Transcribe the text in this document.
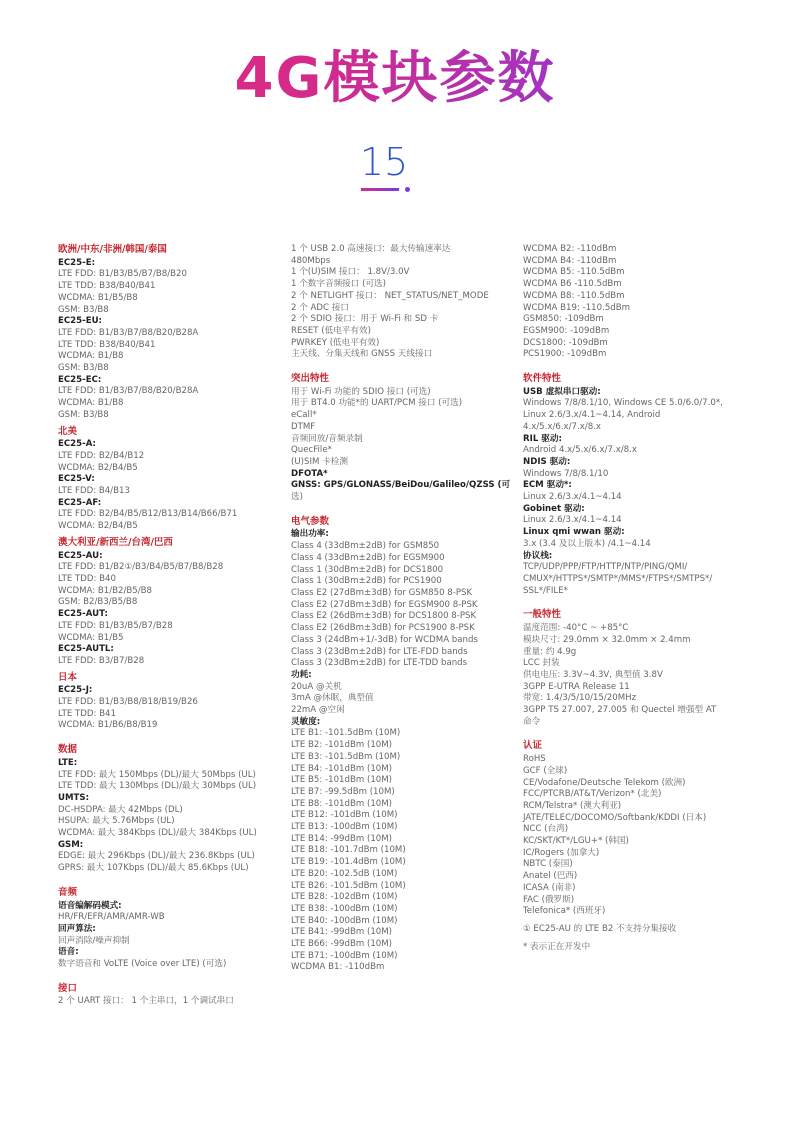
4G模块参数
15
欧洲/中东/非洲/韩国/泰国
EC25-E:
LTE FDD: B1/B3/B5/B7/B8/B20
LTE TDD: B38/B40/B41
WCDMA: B1/B5/B8
GSM: B3/B8
EC25-EU:
LTE FDD: B1/B3/B7/B8/B20/B28A
LTE TDD: B38/B40/B41
WCDMA: B1/B8
GSM: B3/B8
EC25-EC:
LTE FDD: B1/B3/B7/B8/B20/B28A
WCDMA: B1/B8
GSM: B3/B8
北美
EC25-A:
LTE FDD: B2/B4/B12
WCDMA: B2/B4/B5
EC25-V:
LTE FDD: B4/B13
EC25-AF:
LTE FDD: B2/B4/B5/B12/B13/B14/B66/B71
WCDMA: B2/B4/B5
澳大利亚/新西兰/台湾/巴西
EC25-AU:
LTE FDD: B1/B2①/B3/B4/B5/B7/B8/B28
LTE TDD: B40
WCDMA: B1/B2/B5/B8
GSM: B2/B3/B5/B8
EC25-AUT:
LTE FDD: B1/B3/B5/B7/B28
WCDMA: B1/B5
EC25-AUTL:
LTE FDD: B3/B7/B28
日本
EC25-J:
LTE FDD: B1/B3/B8/B18/B19/B26
LTE TDD: B41
WCDMA: B1/B6/B8/B19
数据
LTE:
LTE FDD: 最大 150Mbps (DL)/最大 50Mbps (UL)
LTE TDD: 最大 130Mbps (DL)/最大 30Mbps (UL)
UMTS:
DC-HSDPA: 最大 42Mbps (DL)
HSUPA: 最大 5.76Mbps (UL)
WCDMA: 最大 384Kbps (DL)/最大 384Kbps (UL)
GSM:
EDGE: 最大 296Kbps (DL)/最大 236.8Kbps (UL)
GPRS: 最大 107Kbps (DL)/最大 85.6Kbps (UL)
音频
语音编解码模式:
HR/FR/EFR/AMR/AMR-WB
回声算法:
回声消除/噪声抑制
语音:
数字语音和 VoLTE (Voice over LTE) (可选)
接口
2 个 UART 接口： 1 个主串口，1 个调试串口
1 个 USB 2.0 高速接口：最大传输速率达
480Mbps
1 个(U)SIM 接口： 1.8V/3.0V
1 个数字音频接口 (可选)
2 个 NETLIGHT 接口： NET_STATUS/NET_MODE
2 个 ADC 接口
2 个 SDIO 接口：用于 Wi-Fi 和 SD 卡
RESET (低电平有效)
PWRKEY (低电平有效)
主天线、分集天线和 GNSS 天线接口
突出特性
用于 Wi-Fi 功能的 SDIO 接口 (可选)
用于 BT4.0 功能*的 UART/PCM 接口 (可选)
eCall*
DTMF
音频回放/音频录制
QuecFile*
(U)SIM 卡检测
DFOTA*
GNSS: GPS/GLONASS/BeiDou/Galileo/QZSS (可
选)
电气参数
输出功率:
Class 4 (33dBm±2dB) for GSM850
Class 4 (33dBm±2dB) for EGSM900
Class 1 (30dBm±2dB) for DCS1800
Class 1 (30dBm±2dB) for PCS1900
Class E2 (27dBm±3dB) for GSM850 8-PSK
Class E2 (27dBm±3dB) for EGSM900 8-PSK
Class E2 (26dBm±3dB) for DCS1800 8-PSK
Class E2 (26dBm±3dB) for PCS1900 8-PSK
Class 3 (24dBm+1/-3dB) for WCDMA bands
Class 3 (23dBm±2dB) for LTE-FDD bands
Class 3 (23dBm±2dB) for LTE-TDD bands
功耗:
20uA @关机
3mA @休眠，典型值
22mA @空闲
灵敏度:
LTE B1: -101.5dBm (10M)
LTE B2: -101dBm (10M)
LTE B3: -101.5dBm (10M)
LTE B4: -101dBm (10M)
LTE B5: -101dBm (10M)
LTE B7: -99.5dBm (10M)
LTE B8: -101dBm (10M)
LTE B12: -101dBm (10M)
LTE B13: -100dBm (10M)
LTE B14: -99dBm (10M)
LTE B18: -101.7dBm (10M)
LTE B19: -101.4dBm (10M)
LTE B20: -102.5dB (10M)
LTE B26: -101.5dBm (10M)
LTE B28: -102dBm (10M)
LTE B38: -100dBm (10M)
LTE B40: -100dBm (10M)
LTE B41: -99dBm (10M)
LTE B66: -99dBm (10M)
LTE B71: -100dBm (10M)
WCDMA B1: -110dBm
WCDMA B2: -110dBm
WCDMA B4: -110dBm
WCDMA B5: -110.5dBm
WCDMA B6 -110.5dBm
WCDMA B8: -110.5dBm
WCDMA B19: -110.5dBm
GSM850: -109dBm
EGSM900: -109dBm
DCS1800: -109dBm
PCS1900: -109dBm
软件特性
USB 虚拟串口驱动:
Windows 7/8/8.1/10, Windows CE 5.0/6.0/7.0*,
Linux 2.6/3.x/4.1~4.14, Android
4.x/5.x/6.x/7.x/8.x
RIL 驱动:
Android 4.x/5.x/6.x/7.x/8.x
NDIS 驱动:
Windows 7/8/8.1/10
ECM 驱动*:
Linux 2.6/3.x/4.1~4.14
Gobinet 驱动:
Linux 2.6/3.x/4.1~4.14
Linux qmi wwan 驱动:
3.x (3.4 及以上版本) /4.1~4.14
协议栈:
TCP/UDP/PPP/FTP/HTTP/NTP/PING/QMI/
CMUX*/HTTPS*/SMTP*/MMS*/FTPS*/SMTPS*/
SSL*/FILE*
一般特性
温度范围: -40°C ~ +85°C
模块尺寸: 29.0mm × 32.0mm × 2.4mm
重量: 约 4.9g
LCC 封装
供电电压: 3.3V~4.3V, 典型值 3.8V
3GPP E-UTRA Release 11
带宽: 1.4/3/5/10/15/20MHz
3GPP TS 27.007, 27.005 和 Quectel 增强型 AT
命令
认证
RoHS
GCF (全球)
CE/Vodafone/Deutsche Telekom (欧洲)
FCC/PTCRB/AT&T/Verizon* (北美)
RCM/Telstra* (澳大利亚)
JATE/TELEC/DOCOMO/Softbank/KDDI (日本)
NCC (台湾)
KC/SKT/KT*/LGU+* (韩国)
IC/Rogers (加拿大)
NBTC (泰国)
Anatel (巴西)
ICASA (南非)
FAC (俄罗斯)
Telefonica* (西班牙)
① EC25-AU 的 LTE B2 不支持分集接收
* 表示正在开发中
